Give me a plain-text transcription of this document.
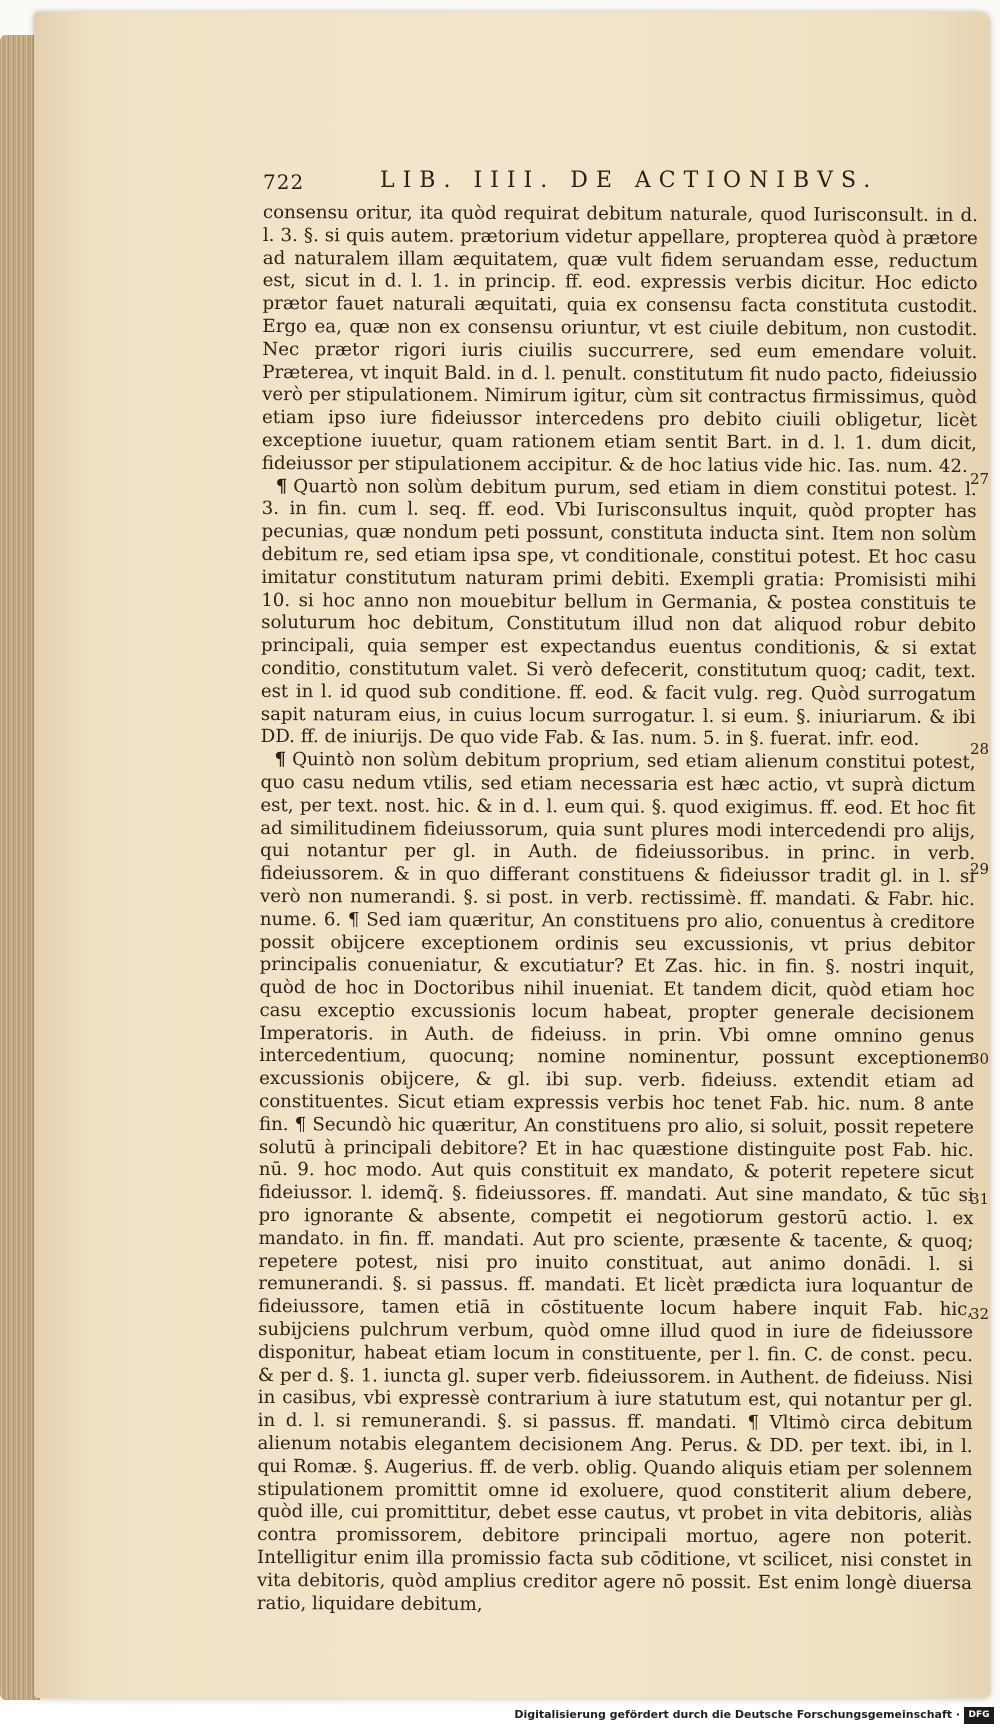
722	LIB. IIII. DE ACTIONIBVS.

consensu oritur, ita quòd requirat debitum naturale, quod Iurisconsult. in d. l. 3. §. si quis autem. prætorium videtur appellare, propterea quòd à prætore ad naturalem illam æquitatem, quæ vult fidem seruandam esse, reductum est, sicut in d. l. 1. in princip. ff. eod. expressis verbis dicitur. Hoc edicto prætor fauet naturali æquitati, quia ex consensu facta constituta custodit. Ergo ea, quæ non ex consensu oriuntur, vt est ciuile debitum, non custodit. Nec prætor rigori iuris ciuilis succurrere, sed eum emendare voluit. Præterea, vt inquit Bald. in d. l. penult. constitutum fit nudo pacto, fideiussio verò per stipulationem. Nimirum igitur, cùm sit contractus firmissimus, quòd etiam ipso iure fideiussor intercedens pro debito ciuili obligetur, licèt exceptione iuuetur, quam rationem etiam sentit Bart. in d. l. 1. dum dicit, fideiussor per stipulationem accipitur. & de hoc latius vide hic. Ias. num. 42.

¶ Quartò non solùm debitum purum, sed etiam in diem constitui potest. l. 3. in fin. cum l. seq. ff. eod. Vbi Iurisconsultus inquit, quòd propter has pecunias, quæ nondum peti possunt, constituta inducta sint. Item non solùm debitum re, sed etiam ipsa spe, vt conditionale, constitui potest. Et hoc casu imitatur constitutum naturam primi debiti. Exempli gratia: Promisisti mihi 10. si hoc anno non mouebitur bellum in Germania, & postea constituis te soluturum hoc debitum, Constitutum illud non dat aliquod robur debito principali, quia semper est expectandus euentus conditionis, & si extat conditio, constitutum valet. Si verò defecerit, constitutum quoq; cadit, text. est in l. id quod sub conditione. ff. eod. & facit vulg. reg. Quòd surrogatum sapit naturam eius, in cuius locum surrogatur. l. si eum. §. iniuriarum. & ibi DD. ff. de iniurijs. De quo vide Fab. & Ias. num. 5. in §. fuerat. infr. eod.

¶ Quintò non solùm debitum proprium, sed etiam alienum constitui potest, quo casu nedum vtilis, sed etiam necessaria est hæc actio, vt suprà dictum est, per text. nost. hic. & in d. l. eum qui. §. quod exigimus. ff. eod. Et hoc fit ad similitudinem fideiussorum, quia sunt plures modi intercedendi pro alijs, qui notantur per gl. in Auth. de fideiussoribus. in princ. in verb. fideiussorem. & in quo differant constituens & fideiussor tradit gl. in l. si verò non numerandi. §. si post. in verb. rectissimè. ff. mandati. & Fabr. hic. nume. 6. ¶ Sed iam quæritur, An constituens pro alio, conuentus à creditore possit obijcere exceptionem ordinis seu excussionis, vt prius debitor principalis conueniatur, & excutiatur? Et Zas. hic. in fin. §. nostri inquit, quòd de hoc in Doctoribus nihil inueniat. Et tandem dicit, quòd etiam hoc casu exceptio excussionis locum habeat, propter generale decisionem Imperatoris. in Auth. de fideiuss. in prin. Vbi omne omnino genus intercedentium, quocunq; nomine nominentur, possunt exceptionem excussionis obijcere, & gl. ibi sup. verb. fideiuss. extendit etiam ad constituentes. Sicut etiam expressis verbis hoc tenet Fab. hic. num. 8 ante fin. ¶ Secundò hic quæritur, An constituens pro alio, si soluit, possit repetere solutū à principali debitore? Et in hac quæstione distinguite post Fab. hic. nū. 9. hoc modo. Aut quis constituit ex mandato, & poterit repetere sicut fideiussor. l. idemq̃. §. fideiussores. ff. mandati. Aut sine mandato, & tūc si pro ignorante & absente, competit ei negotiorum gestorū actio. l. ex mandato. in fin. ff. mandati. Aut pro sciente, præsente & tacente, & quoq; repetere potest, nisi pro inuito constituat, aut animo donādi. l. si remunerandi. §. si passus. ff. mandati. Et licèt prædicta iura loquantur de fideiussore, tamen etiā in cōstituente locum habere inquit Fab. hic, subijciens pulchrum verbum, quòd omne illud quod in iure de fideiussore disponitur, habeat etiam locum in constituente, per l. fin. C. de const. pecu. & per d. §. 1. iuncta gl. super verb. fideiussorem. in Authent. de fideiuss. Nisi in casibus, vbi expressè contrarium à iure statutum est, qui notantur per gl. in d. l. si remunerandi. §. si passus. ff. mandati. ¶ Vltimò circa debitum alienum notabis elegantem decisionem Ang. Perus. & DD. per text. ibi, in l. qui Romæ. §. Augerius. ff. de verb. oblig. Quando aliquis etiam per solennem stipulationem promittit omne id exoluere, quod constiterit alium debere, quòd ille, cui promittitur, debet esse cautus, vt probet in vita debitoris, aliàs contra promissorem, debitore principali mortuo, agere non poterit. Intelligitur enim illa promissio facta sub cōditione, vt scilicet, nisi constet in vita debitoris, quòd amplius creditor agere nō possit. Est enim longè diuersa ratio, liquidare debitum,

27
28
29
30
31
32
Digitalisierung gefördert durch die Deutsche Forschungsgemeinschaft · DFG
